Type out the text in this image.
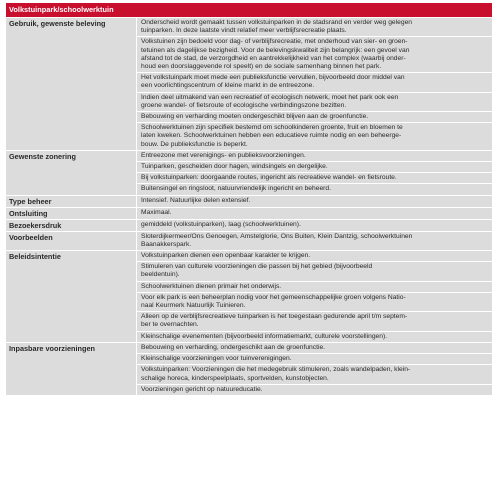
Volkstuinpark/schoolwerktuin
Gebruik, gewenste beleving	Onderscheid wordt gemaakt tussen volkstuinparken in de stadsrand en verder weg gelegen
tuinparken. In deze laatste vindt relatief meer verblijfsrecreatie plaats.
Volkstuinen zijn bedoeld voor dag- of verblijfsrecreatie, met onderhoud van sier- en groen-
tetuinen als dagelijkse bezigheid. Voor de belevingskwaliteit zijn belangrijk: een gevoel van
afstand tot de stad, de verzorgdheid en aantrekkelijkheid van het complex (waarbij onder-
houd een doorslaggevende rol speelt) en de sociale samenhang binnen het park.
Het volkstuinpark moet mede een publieksfunctie vervullen, bijvoorbeeld door middel van
een voorlichtingscentrum of kleine markt in de entreezone.
Indien deel uitmakend van een recreatief of ecologisch netwerk, moet het park ook een
groene wandel- of fietsroute of ecologische verbindingszone bezitten.
Bebouwing en verharding moeten ondergeschikt blijven aan de groenfunctie.
Schoolwerktuinen zijn specifiek bestemd om schoolkinderen groente, fruit en bloemen te
laten kweken. Schoolwerktuinen hebben een educatieve ruimte nodig en een beheerge-
bouw. De publieksfunctie is beperkt.
Gewenste zonering	Entreezone met verenigings- en publieksvoorzieningen.
Tuinparken, gescheiden door hagen, windsingels en dergelijke.
Bij volkstuinparken: doorgaande routes, ingericht als recreatieve wandel- en fietsroute.
Buitensingel en ringsloot, natuurvriendelijk ingericht en beheerd.
Type beheer	Intensief. Natuurlijke delen extensief.
Ontsluiting	Maximaal.
Bezoekersdruk	gemiddeld (volkstuinparken), laag (schoolwerktuinen).
Voorbeelden	Sloterdijkermeer/Ons Genoegen, Amstelglorie, Ons Buiten, Klein Dantzig, schoolwerktuinen
Baanakkerspark.
Beleidsintentie	Volkstuinparken dienen een openbaar karakter te krijgen.
Stimuleren van culturele voorzieningen die passen bij het gebied (bijvoorbeeld
beeldentuin).
Schoolwerktuinen dienen primair het onderwijs.
Voor elk park is een beheerplan nodig voor het gemeenschappelijke groen volgens Natio-
naal Keurmerk Natuurlijk Tuinieren.
Alleen op de verblijfsrecreatieve tuinparken is het toegestaan gedurende april t/m septem-
ber te overnachten.
Kleinschalige evenementen (bijvoorbeeld informatiemarkt, culturele voorstellingen).
Inpasbare voorzieningen	Bebouwing en verharding, ondergeschikt aan de groenfunctie.
Kleinschalige voorzieningen voor tuinverenigingen.
Volkstuinparken: Voorzieningen die het medegebruik stimuleren, zoals wandelpaden, klein-
schalige horeca, kinderspeelplaats, sportvelden, kunstobjecten.
Voorzieningen gericht op natuureducatie.
